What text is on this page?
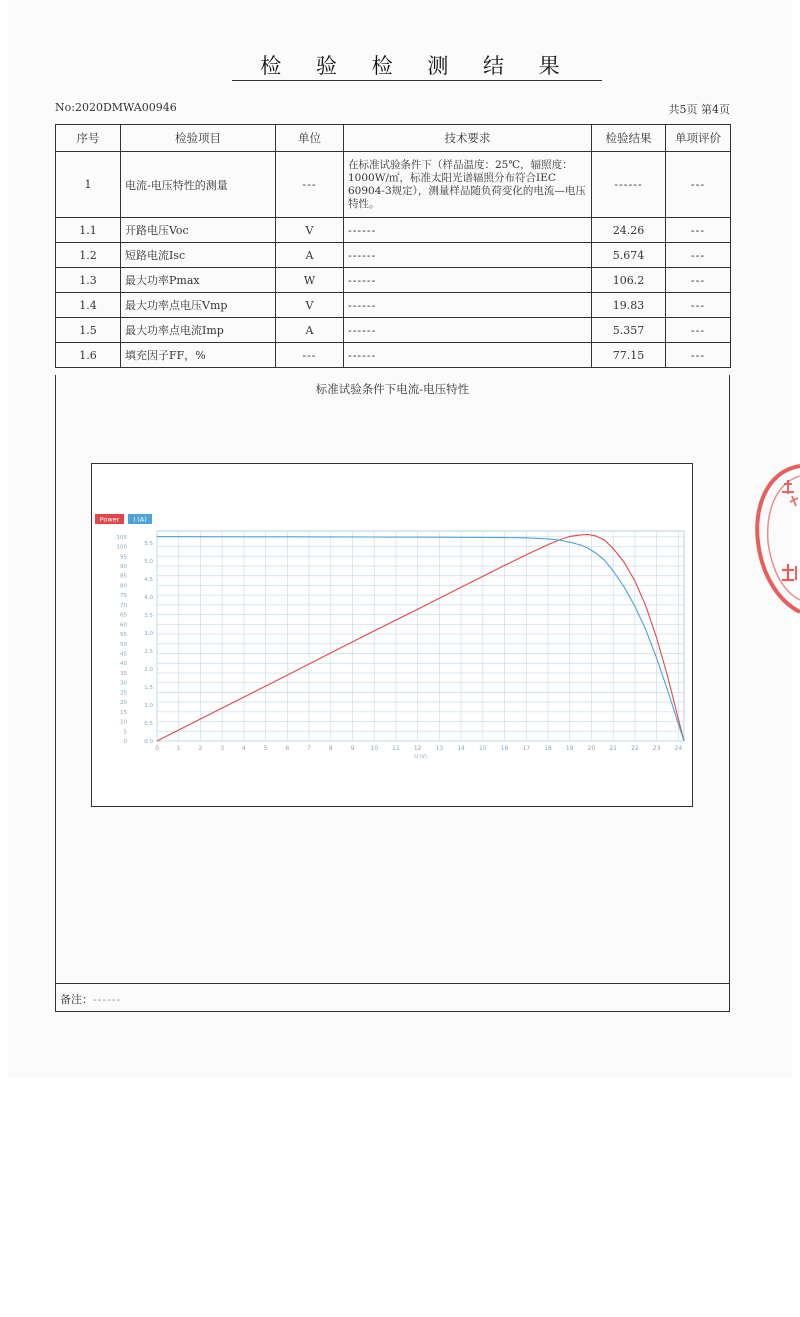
检 验 检 测 结 果
No:2020DMWA00946	共5页 第4页
序号	检验项目	单位	技术要求	检验结果	单项评价
1	电流-电压特性的测量	---	在标准试验条件下（样品温度：25℃，辐照度：1000W/㎡，标准太阳光谱辐照分布符合IEC 60904-3规定），测量样品随负荷变化的电流—电压特性。	------	---
1.1	开路电压Voc	V	------	24.26	---
1.2	短路电流Isc	A	------	5.674	---
1.3	最大功率Pmax	W	------	106.2	---
1.4	最大功率点电压Vmp	V	------	19.83	---
1.5	最大功率点电流Imp	A	------	5.357	---
1.6	填充因子FF，%	---	------	77.15	---
标准试验条件下电流-电压特性
0	1	2	3	4	5	6	7	8	9	10 11 12 13 14 15 16 17 18 19 20 21 22 23 24
0
5
10
15
20
25
30
35
40
45
50
55
60
65
70
75
80
85
90
95
100
105
0.0
0.5
1.0
1.5
2.0
2.5
3.0
3.5
4.0
4.5
5.0
5.5
U (V)
Power I (A)
备注：------
